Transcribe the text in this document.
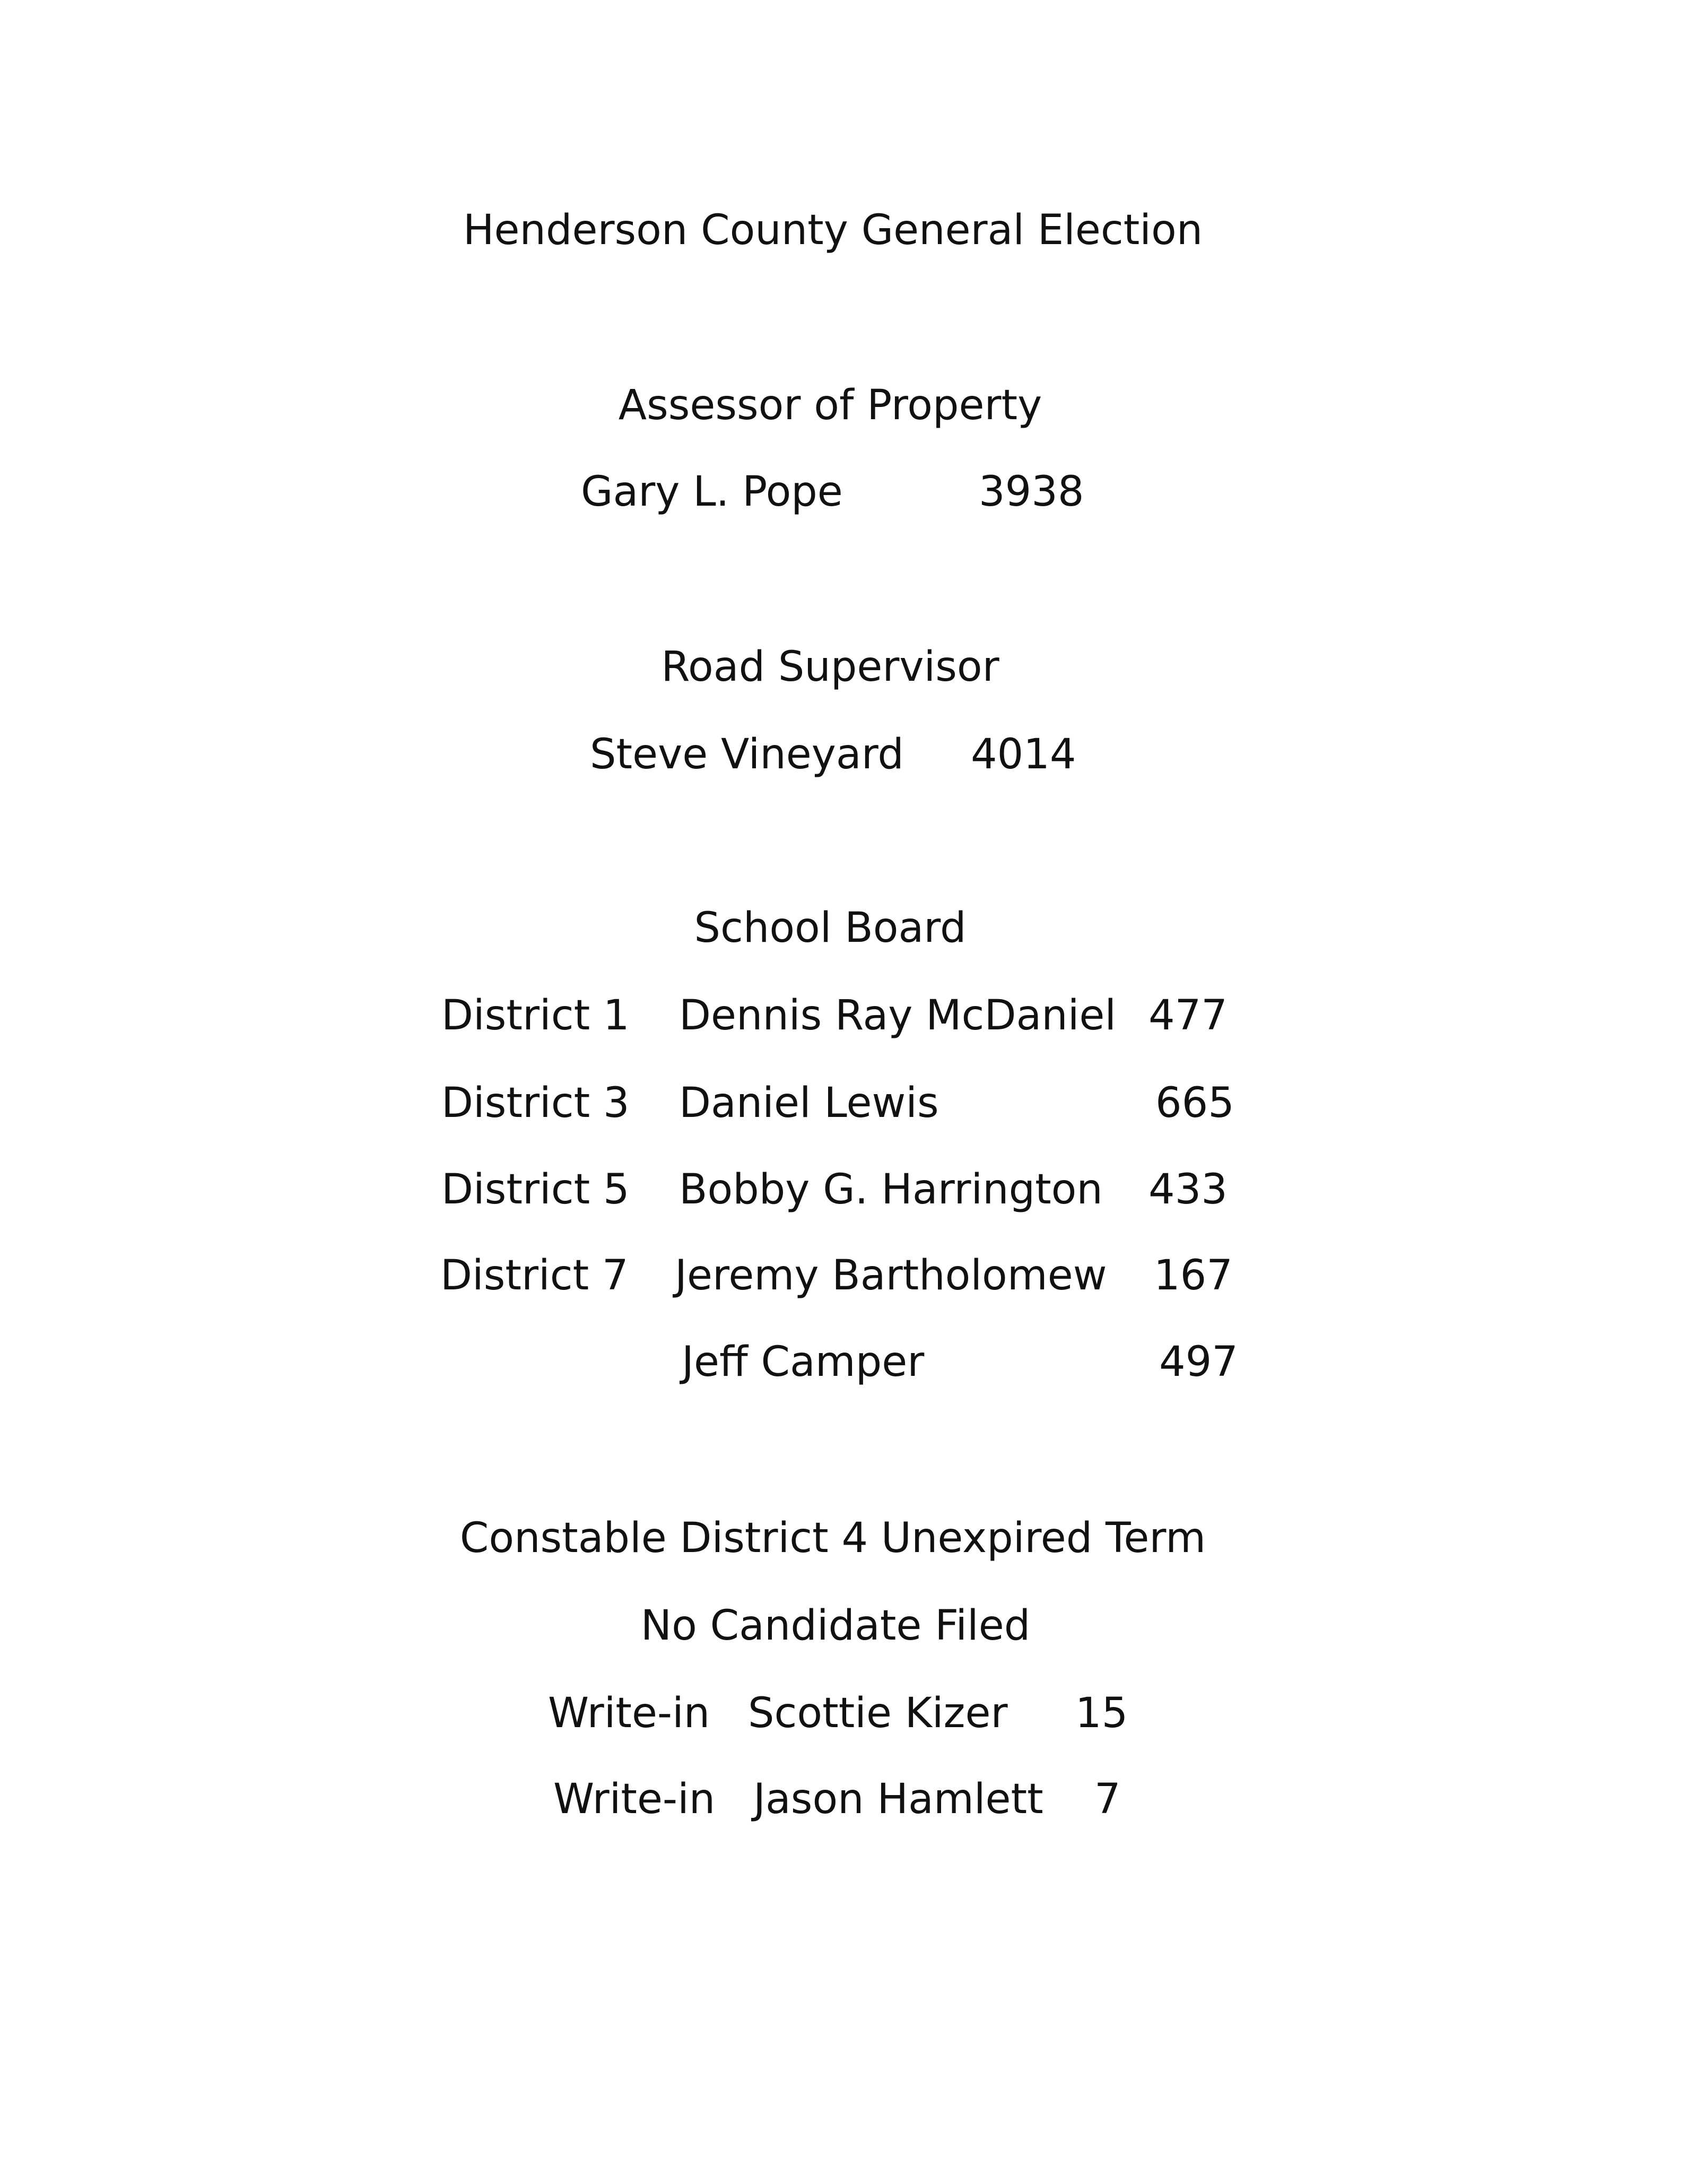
Henderson County General Election
Assessor of Property
Gary L. Pope	3938
Road Supervisor
Steve Vineyard 4014
School Board
District 1 Dennis Ray McDaniel 477
District 3 Daniel Lewis	665
District 5 Bobby G. Harrington 433
District 7 Jeremy Bartholomew 167
Jeff Camper	497
Constable District 4 Unexpired Term
No Candidate Filed
Write-in Scottie Kizer 15
Write-in Jason Hamlett 7
